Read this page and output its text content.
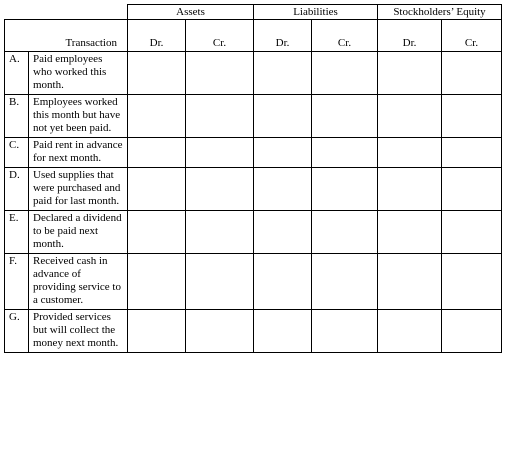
		Assets		Liabilities		Stockholders’ Equity	
Transaction		Dr.	Cr.	Dr.	Cr.	Dr.	Cr.
A.	Paid employees who worked this month.						
B.	Employees worked this month but have not yet been paid.						
C.	Paid rent in advance for next month.						
D.	Used supplies that were purchased and paid for last month.						
E.	Declared a dividend to be paid next month.						
F.	Received cash in advance of providing service to a customer.						
G.	Provided services but will collect the money next month.						
